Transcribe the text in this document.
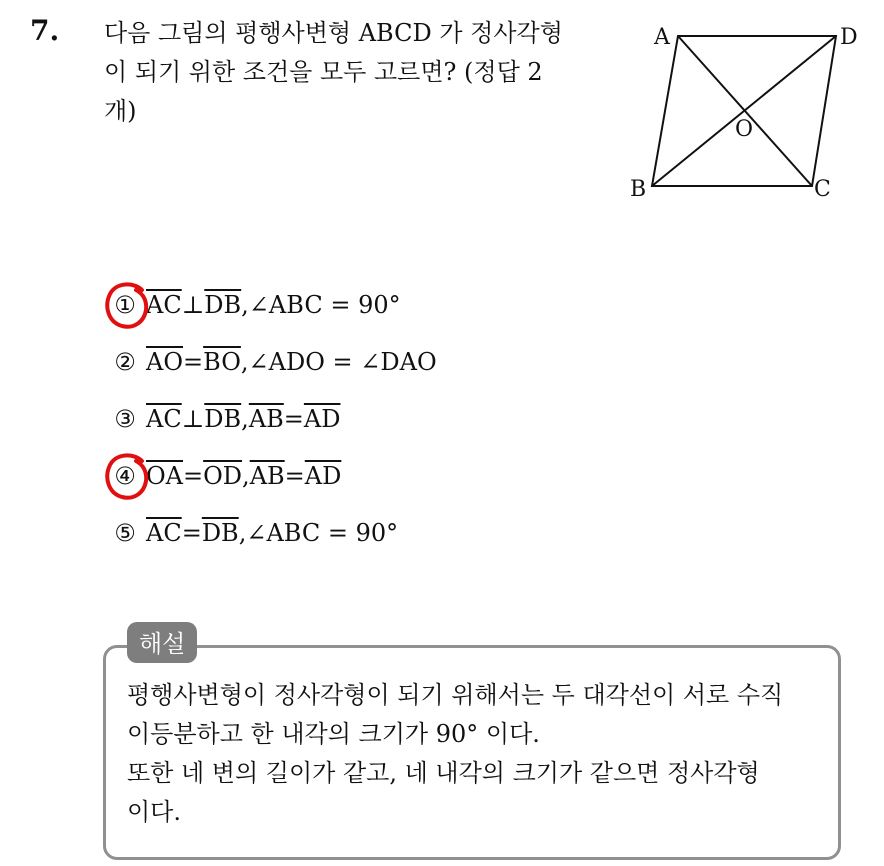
7. 다음 그림의 평행사변형 ABCD 가 정사각형
이 되기 위한 조건을 모두 고르면? (정답 2
개)
A	D
B	C
O
① $\overline{AC}$ ⊥ $\overline{DB}$ , ∠ABC = 90°
② $\overline{AO} = \overline{BO}$ , ∠ADO = ∠DAO
③ $\overline{AC}$ ⊥ $\overline{DB}$ , $\overline{AB} = \overline{AD}$
④ $\overline{OA} = \overline{OD}$ , $\overline{AB} = \overline{AD}$
⑤ $\overline{AC} = \overline{DB}$ , ∠ABC = 90°
해설
평행사변형이 정사각형이 되기 위해서는 두 대각선이 서로 수직
이등분하고 한 내각의 크기가 90° 이다.
또한 네 변의 길이가 같고, 네 내각의 크기가 같으면 정사각형
이다.
